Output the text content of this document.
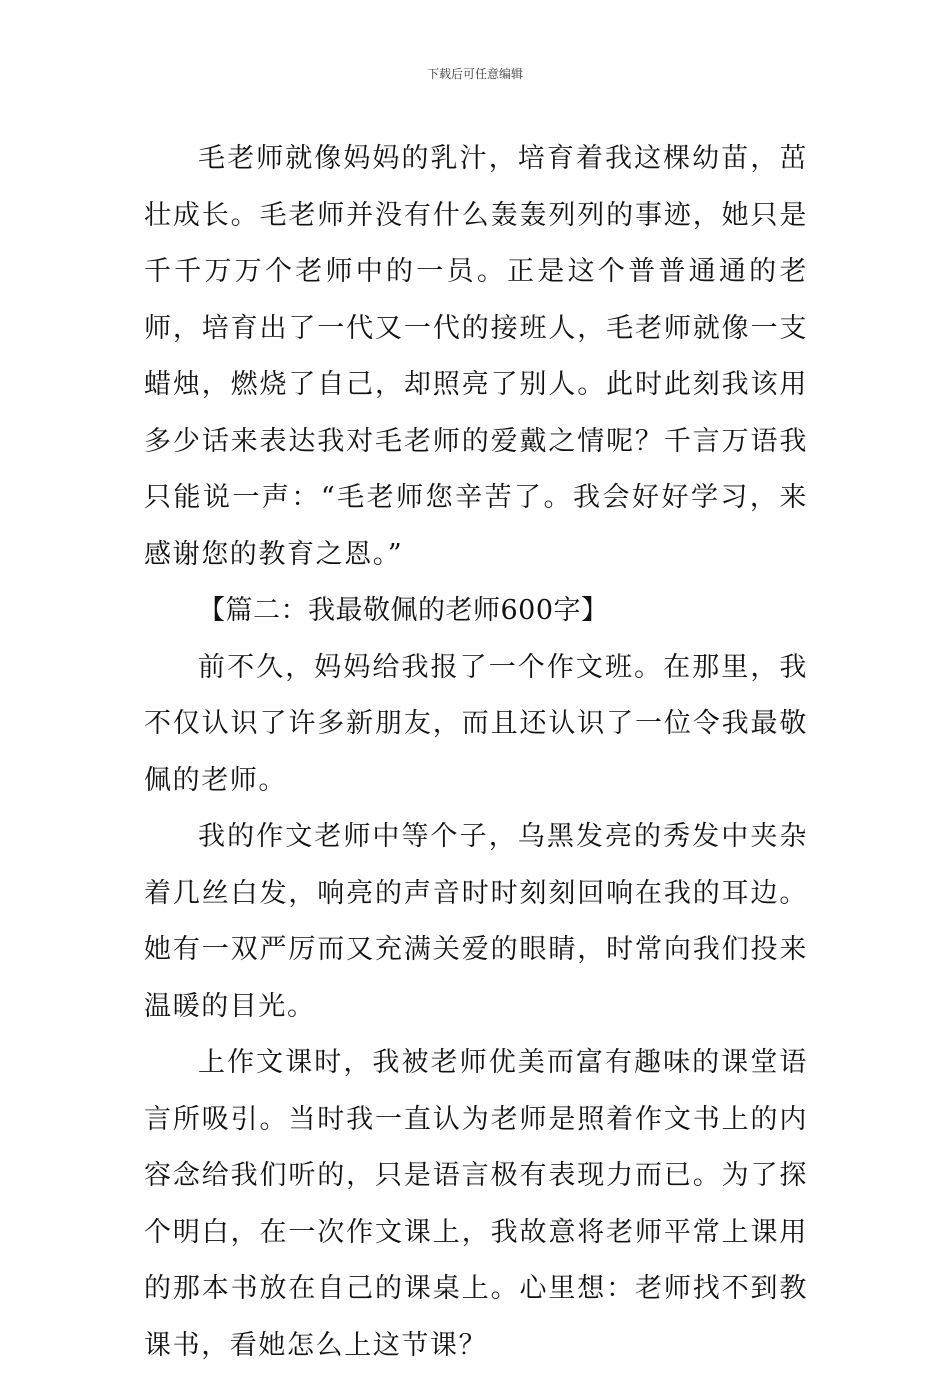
下载后可任意编辑

毛老师就像妈妈的乳汁，培育着我这棵幼苗，茁壮成长。毛老师并没有什么轰轰列列的事迹，她只是千千万万个老师中的一员。正是这个普普通通的老师，培育出了一代又一代的接班人，毛老师就像一支蜡烛，燃烧了自己，却照亮了别人。此时此刻我该用多少话来表达我对毛老师的爱戴之情呢？千言万语我只能说一声：“毛老师您辛苦了。我会好好学习，来感谢您的教育之恩。”

【篇二：我最敬佩的老师600字】

前不久，妈妈给我报了一个作文班。在那里，我不仅认识了许多新朋友，而且还认识了一位令我最敬佩的老师。

我的作文老师中等个子，乌黑发亮的秀发中夹杂着几丝白发，响亮的声音时时刻刻回响在我的耳边。她有一双严厉而又充满关爱的眼睛，时常向我们投来温暖的目光。

上作文课时，我被老师优美而富有趣味的课堂语言所吸引。当时我一直认为老师是照着作文书上的内容念给我们听的，只是语言极有表现力而已。为了探个明白，在一次作文课上，我故意将老师平常上课用的那本书放在自己的课桌上。心里想：老师找不到教课书，看她怎么上这节课？
